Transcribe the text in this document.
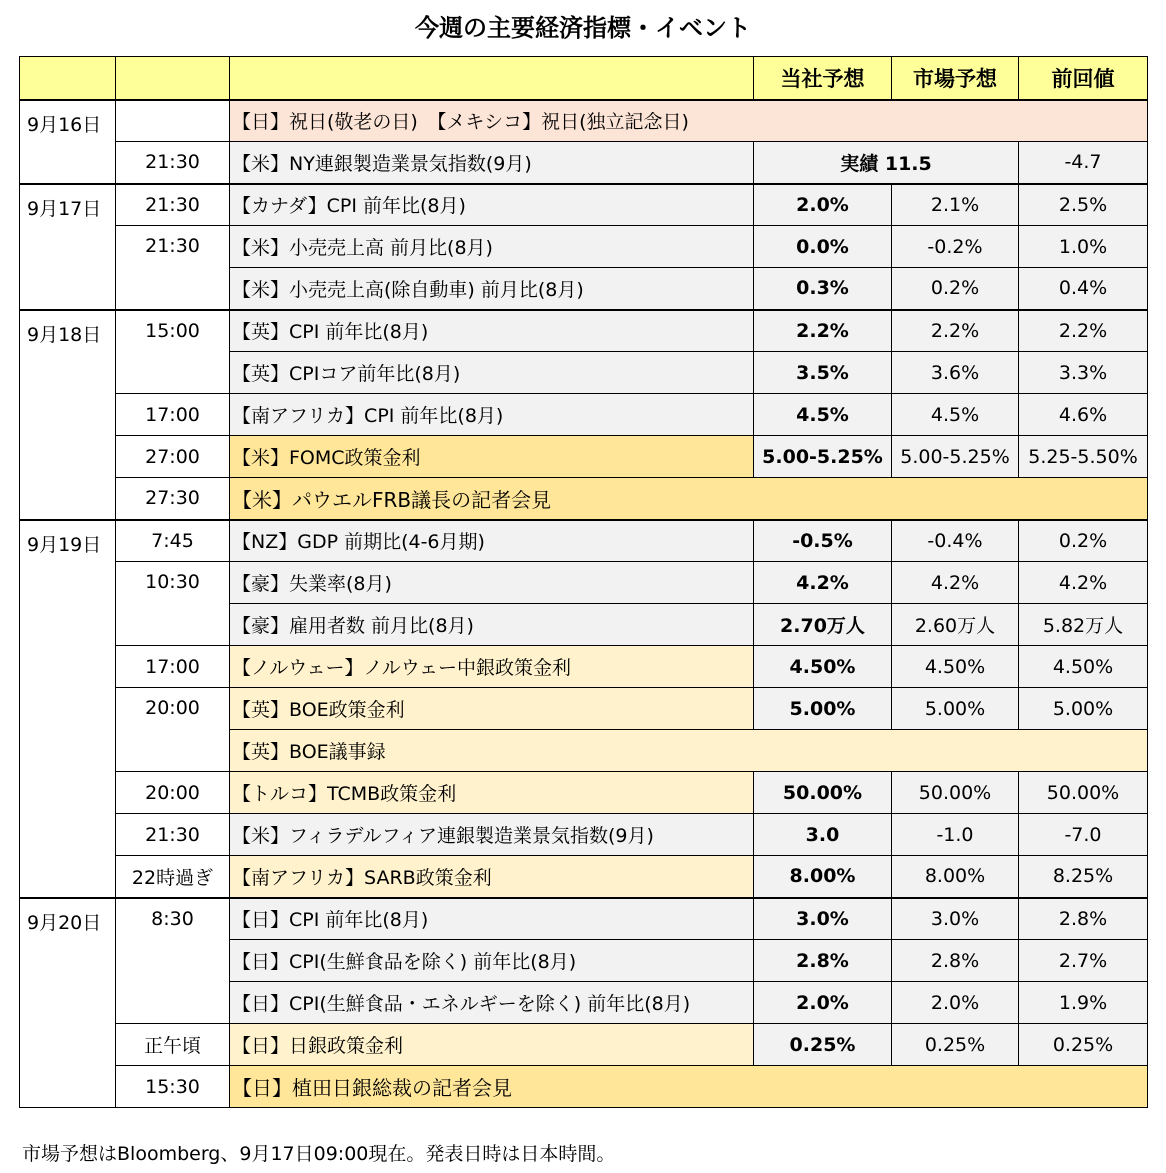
今週の主要経済指標・イベント
			当社予想	市場予想	前回値
9月16日		【日】祝日(敬老の日)　【メキシコ】祝日(独立記念日)			
	21:30	【米】NY連銀製造業景気指数(9月)	実績 11.5		-4.7
9月17日	21:30	【カナダ】CPI 前年比(8月)	2.0%	2.1%	2.5%
	21:30	【米】小売売上高 前月比(8月)	0.0%	-0.2%	1.0%
		【米】小売売上高(除自動車) 前月比(8月)	0.3%	0.2%	0.4%
9月18日	15:00	【英】CPI 前年比(8月)	2.2%	2.2%	2.2%
		【英】CPIコア前年比(8月)	3.5%	3.6%	3.3%
	17:00	【南アフリカ】CPI 前年比(8月)	4.5%	4.5%	4.6%
	27:00	【米】FOMC政策金利	5.00-5.25%	5.00-5.25%	5.25-5.50%
	27:30	【米】パウエルFRB議長の記者会見			
9月19日	7:45	【NZ】GDP 前期比(4-6月期)	-0.5%	-0.4%	0.2%
	10:30	【豪】失業率(8月)	4.2%	4.2%	4.2%
		【豪】雇用者数 前月比(8月)	2.70万人	2.60万人	5.82万人
	17:00	【ノルウェー】ノルウェー中銀政策金利	4.50%	4.50%	4.50%
	20:00	【英】BOE政策金利	5.00%	5.00%	5.00%
		【英】BOE議事録			
	20:00	【トルコ】TCMB政策金利	50.00%	50.00%	50.00%
	21:30	【米】フィラデルフィア連銀製造業景気指数(9月)	3.0	-1.0	-7.0
	22時過ぎ	【南アフリカ】SARB政策金利	8.00%	8.00%	8.25%
9月20日	8:30	【日】CPI 前年比(8月)	3.0%	3.0%	2.8%
		【日】CPI(生鮮食品を除く) 前年比(8月)	2.8%	2.8%	2.7%
		【日】CPI(生鮮食品・エネルギーを除く) 前年比(8月)	2.0%	2.0%	1.9%
	正午頃	【日】日銀政策金利	0.25%	0.25%	0.25%
	15:30	【日】植田日銀総裁の記者会見			
市場予想はBloomberg、9月17日09:00現在。発表日時は日本時間。
